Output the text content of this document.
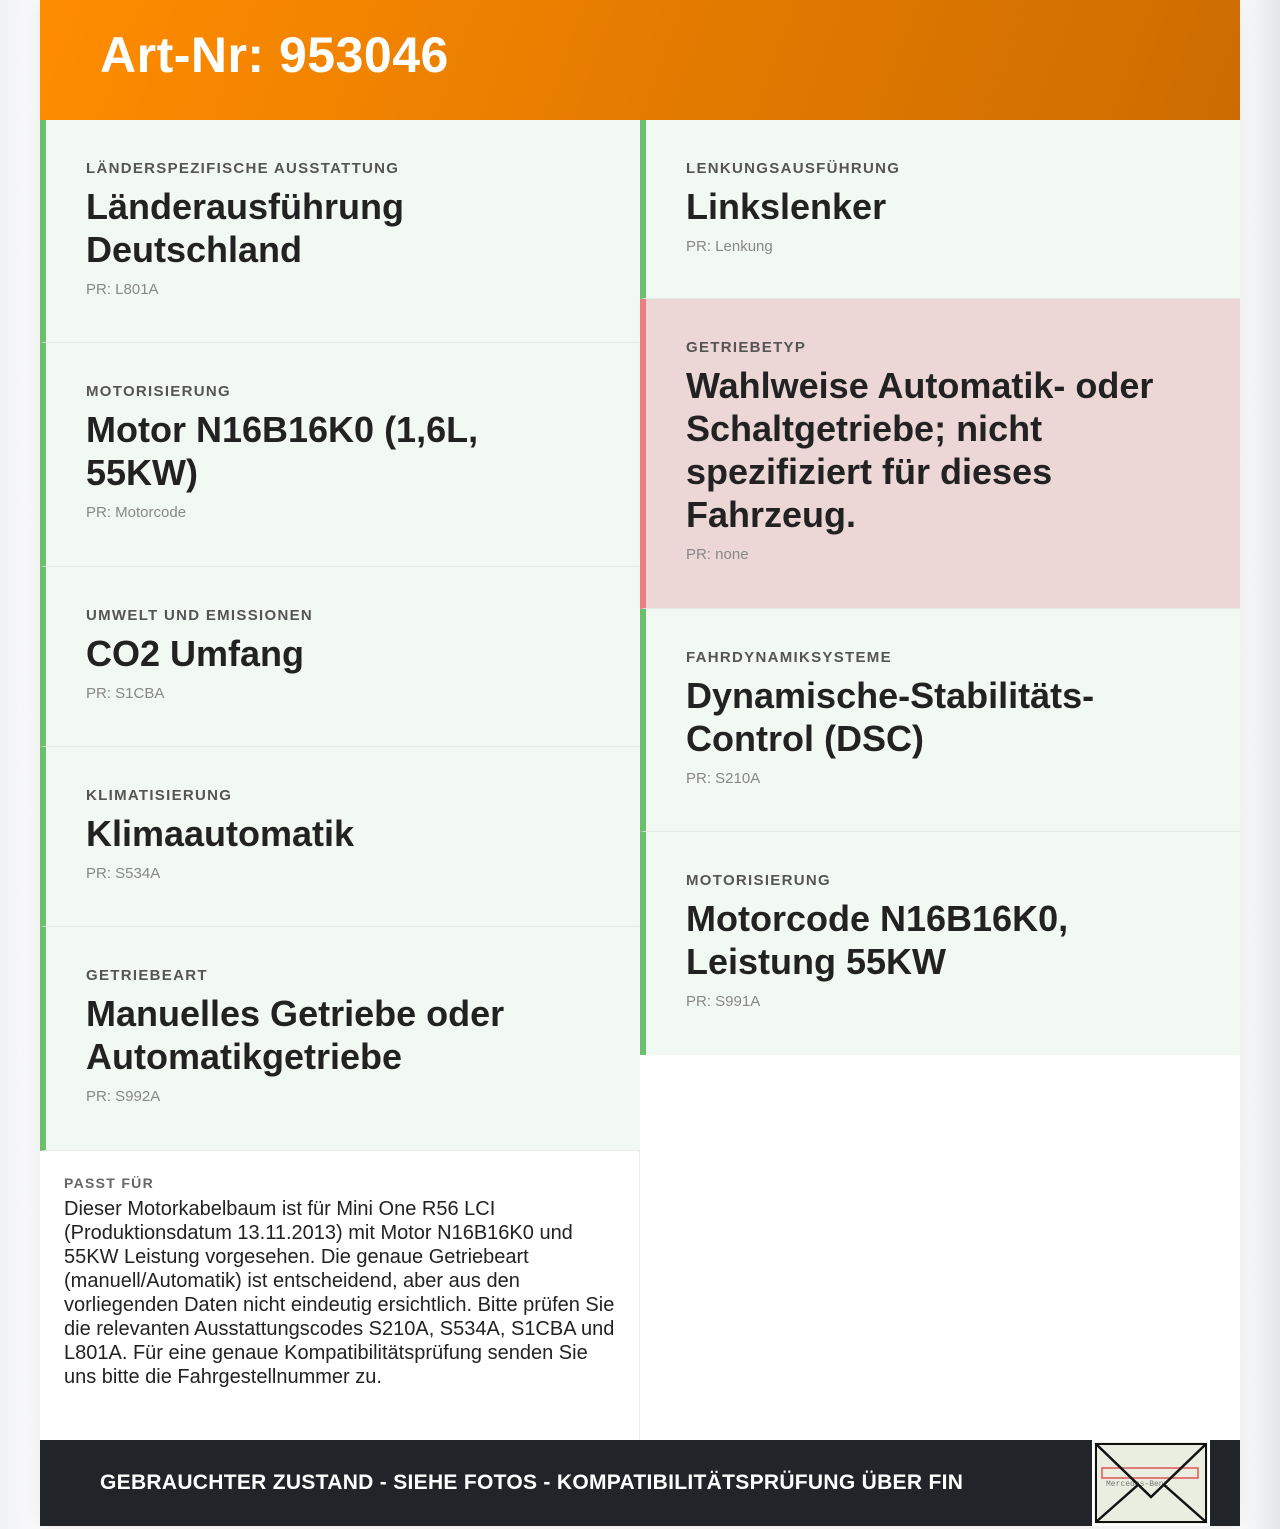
Art-Nr: 953046
LÄNDERSPEZIFISCHE AUSSTATTUNG
Länderausführung Deutschland
PR: L801A
MOTORISIERUNG
Motor N16B16K0 (1,6L, 55KW)
PR: Motorcode
UMWELT UND EMISSIONEN
CO2 Umfang
PR: S1CBA
KLIMATISIERUNG
Klimaautomatik
PR: S534A
GETRIEBEART
Manuelles Getriebe oder Automatikgetriebe
PR: S992A
PASST FÜR

Dieser Motorkabelbaum ist für Mini One R56 LCI (Produktionsdatum 13.11.2013) mit Motor N16B16K0 und 55KW Leistung vorgesehen. Die genaue Getriebeart (manuell/Automatik) ist entscheidend, aber aus den vorliegenden Daten nicht eindeutig ersichtlich. Bitte prüfen Sie die relevanten Ausstattungscodes S210A, S534A, S1CBA und L801A. Für eine genaue Kompatibilitätsprüfung senden Sie uns bitte die Fahrgestellnummer zu.

LENKUNGSAUSFÜHRUNG
Linkslenker
PR: Lenkung
GETRIEBETYP
Wahlweise Automatik- oder Schaltgetriebe; nicht spezifiziert für dieses Fahrzeug.
PR: none
FAHRDYNAMIKSYSTEME
Dynamische-Stabilitäts-Control (DSC)
PR: S210A
MOTORISIERUNG
Motorcode N16B16K0, Leistung 55KW
PR: S991A
GEBRAUCHTER ZUSTAND - SIEHE FOTOS - KOMPATIBILITÄTSPRÜFUNG ÜBER FIN	Mercedes-Benz
